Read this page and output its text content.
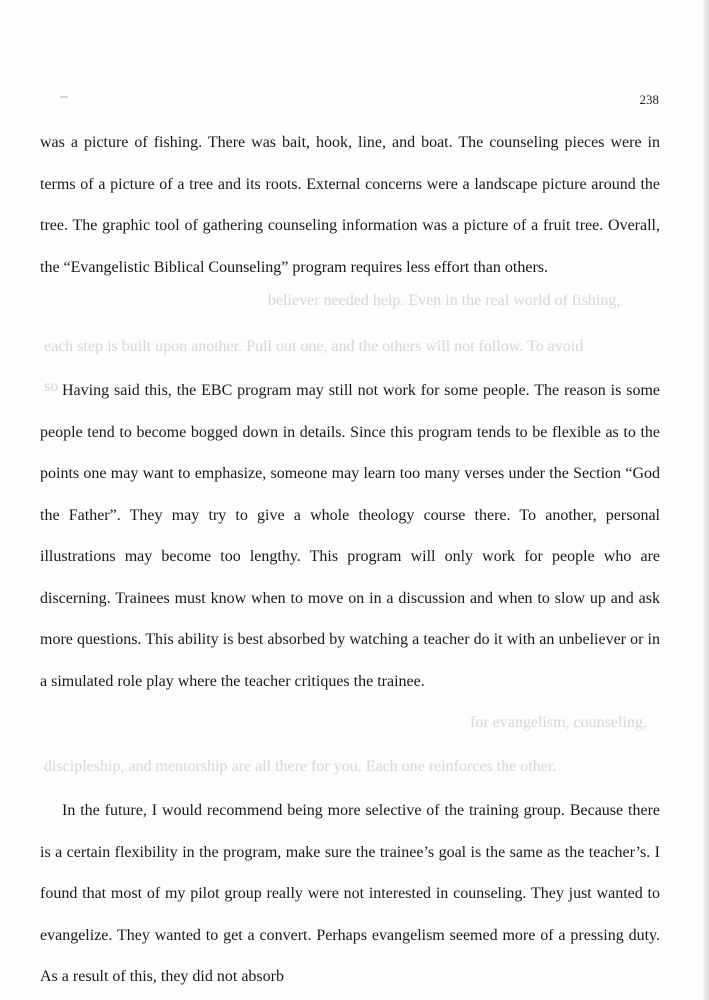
238
believer needed help. Even in the real world of fishing,
each step is built upon another. Pull out one, and the others will not follow. To avoid
so
for evangelism, counseling,
discipleship, and mentorship are all there for you. Each one reinforces the other.

was a picture of fishing. There was bait, hook, line, and boat. The counseling pieces were in terms of a picture of a tree and its roots. External concerns were a landscape picture around the tree. The graphic tool of gathering counseling information was a picture of a fruit tree. Overall, the “Evangelistic Biblical Counseling” program requires less effort than others.

Having said this, the EBC program may still not work for some people. The reason is some people tend to become bogged down in details. Since this program tends to be flexible as to the points one may want to emphasize, someone may learn too many verses under the Section “God the Father”. They may try to give a whole theology course there. To another, personal illustrations may become too lengthy. This program will only work for people who are discerning. Trainees must know when to move on in a discussion and when to slow up and ask more questions. This ability is best absorbed by watching a teacher do it with an unbeliever or in a simulated role play where the teacher critiques the trainee.

In the future, I would recommend being more selective of the training group. Because there is a certain flexibility in the program, make sure the trainee’s goal is the same as the teacher’s. I found that most of my pilot group really were not interested in counseling. They just wanted to evangelize. They wanted to get a convert. Perhaps evangelism seemed more of a pressing duty. As a result of this, they did not absorb
